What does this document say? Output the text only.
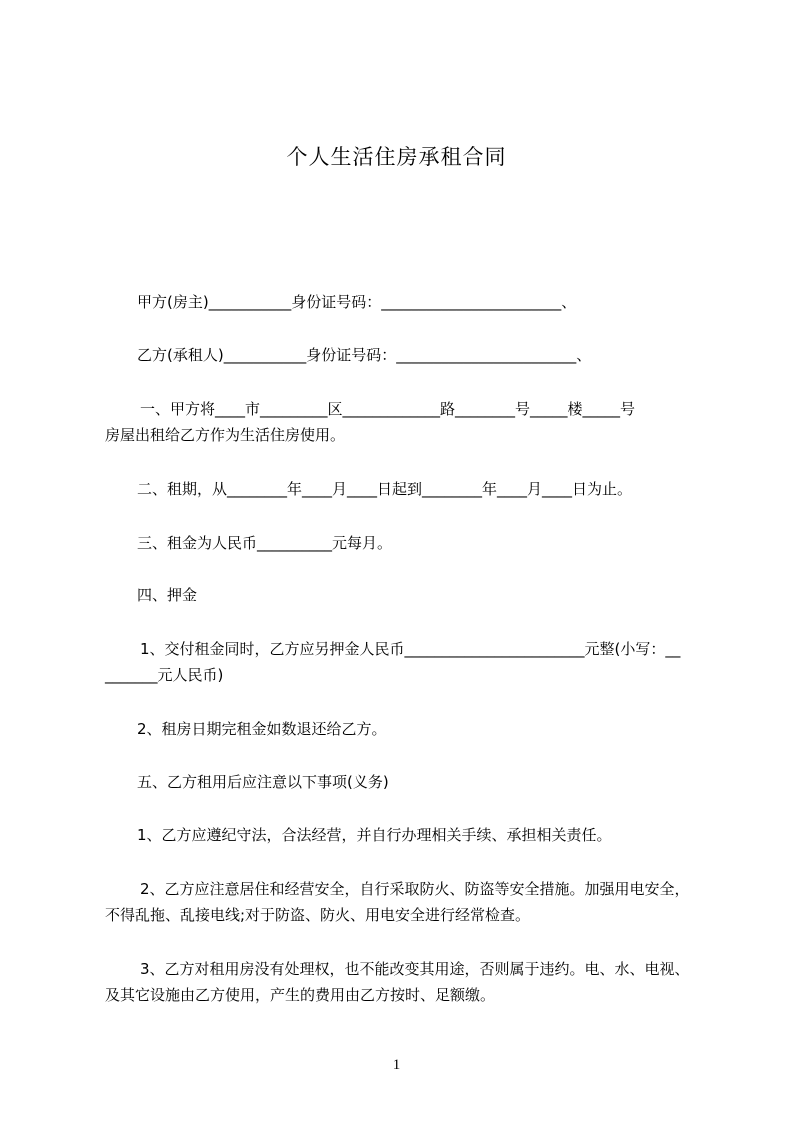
个人生活住房承租合同
甲方(房主)___________身份证号码：________________________、
乙方(承租人)___________身份证号码：________________________、
一、甲方将____市_________区_____________路________号_____楼_____号
房屋出租给乙方作为生活住房使用。
二、租期，从________年____月____日起到________年____月____日为止。
三、租金为人民币__________元每月。
四、押金
1、交付租金同时，乙方应另押金人民币________________________元整(小写：__
_______元人民币)
2、租房日期完租金如数退还给乙方。
五、乙方租用后应注意以下事项(义务)
1、乙方应遵纪守法，合法经营，并自行办理相关手续、承担相关责任。
2、乙方应注意居住和经营安全，自行采取防火、防盗等安全措施。加强用电安全，
不得乱拖、乱接电线;对于防盗、防火、用电安全进行经常检查。
3、乙方对租用房没有处理权，也不能改变其用途，否则属于违约。电、水、电视、
及其它设施由乙方使用，产生的费用由乙方按时、足额缴。
1
